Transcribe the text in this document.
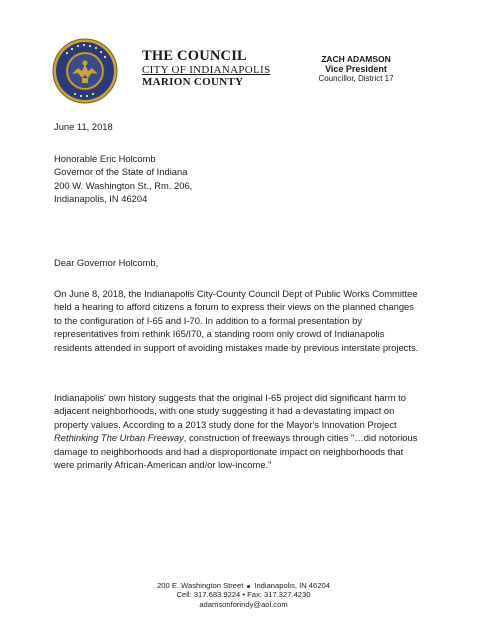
THE COUNCIL
CITY OF INDIANAPOLIS
MARION COUNTY
ZACH ADAMSON
Vice President
Councillor, District 17
June 11, 2018
Honorable Eric Holcomb
Governor of the State of Indiana
200 W. Washington St., Rm. 206,
Indianapolis, IN 46204
Dear Governor Holcomb,
On June 8, 2018, the Indianapolis City-County Council Dept of Public Works Committee
held a hearing to afford citizens a forum to express their views on the planned changes
to the configuration of I-65 and I-70. In addition to a formal presentation by
representatives from rethink I65/I70, a standing room only crowd of Indianapolis
residents attended in support of avoiding mistakes made by previous interstate projects.
Indianapolis' own history suggests that the original I-65 project did significant harm to
adjacent neighborhoods, with one study suggesting it had a devastating impact on
property values. According to a 2013 study done for the Mayor's Innovation Project
Rethinking The Urban Freeway, construction of freeways through cities "…did notorious
damage to neighborhoods and had a disproportionate impact on neighborhoods that
were primarily African-American and/or low-income."
200 E. Washington Street Indianapolis, IN 46204
Cell: 317.683.9224 • Fax: 317.327.4230
adamsonforindy@aol.com
